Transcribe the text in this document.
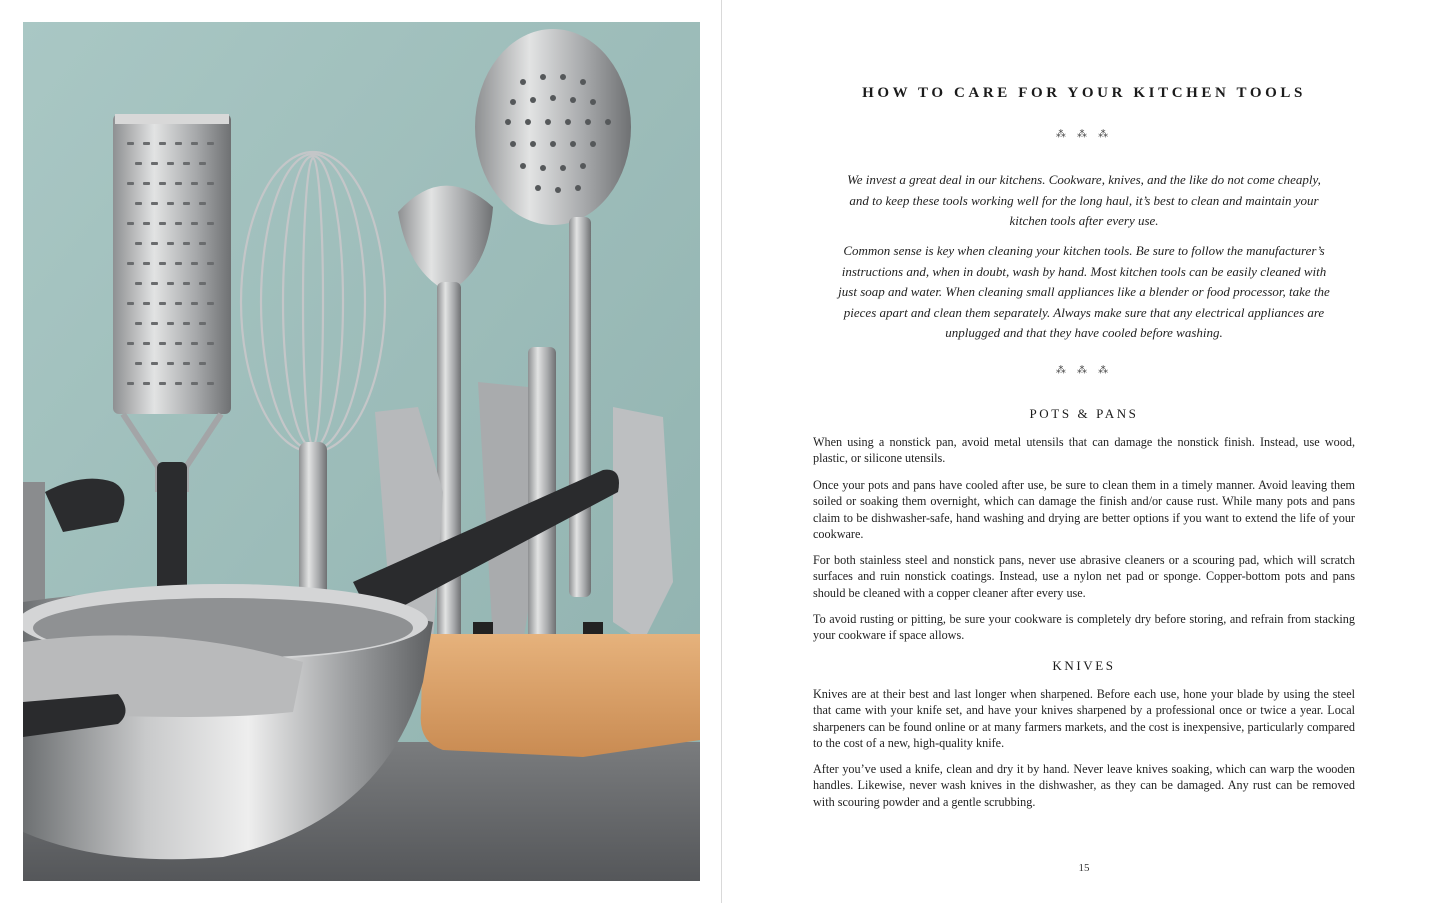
HOW TO CARE FOR YOUR KITCHEN TOOLS
⁂ ⁂ ⁂

We invest a great deal in our kitchens. Cookware, knives, and the like do not come cheaply, and to keep these tools working well for the long haul, it’s best to clean and maintain your kitchen tools after every use.

Common sense is key when cleaning your kitchen tools. Be sure to follow the manufacturer’s instructions and, when in doubt, wash by hand. Most kitchen tools can be easily cleaned with just soap and water. When cleaning small appliances like a blender or food processor, take the pieces apart and clean them separately. Always make sure that any electrical appliances are unplugged and that they have cooled before washing.

⁂ ⁂ ⁂
POTS & PANS

When using a nonstick pan, avoid metal utensils that can damage the nonstick finish. Instead, use wood, plastic, or silicone utensils.

Once your pots and pans have cooled after use, be sure to clean them in a timely manner. Avoid leaving them soiled or soaking them overnight, which can damage the finish and/or cause rust. While many pots and pans claim to be dishwasher-safe, hand washing and drying are better options if you want to extend the life of your cookware.

For both stainless steel and nonstick pans, never use abrasive cleaners or a scouring pad, which will scratch surfaces and ruin nonstick coatings. Instead, use a nylon net pad or sponge. Copper-bottom pots and pans should be cleaned with a copper cleaner after every use.

To avoid rusting or pitting, be sure your cookware is completely dry before storing, and refrain from stacking your cookware if space allows.

KNIVES

Knives are at their best and last longer when sharpened. Before each use, hone your blade by using the steel that came with your knife set, and have your knives sharpened by a professional once or twice a year. Local sharpeners can be found online or at many farmers markets, and the cost is inexpensive, particularly compared to the cost of a new, high-quality knife.

After you’ve used a knife, clean and dry it by hand. Never leave knives soaking, which can warp the wooden handles. Likewise, never wash knives in the dishwasher, as they can be damaged. Any rust can be removed with scouring powder and a gentle scrubbing.

15
